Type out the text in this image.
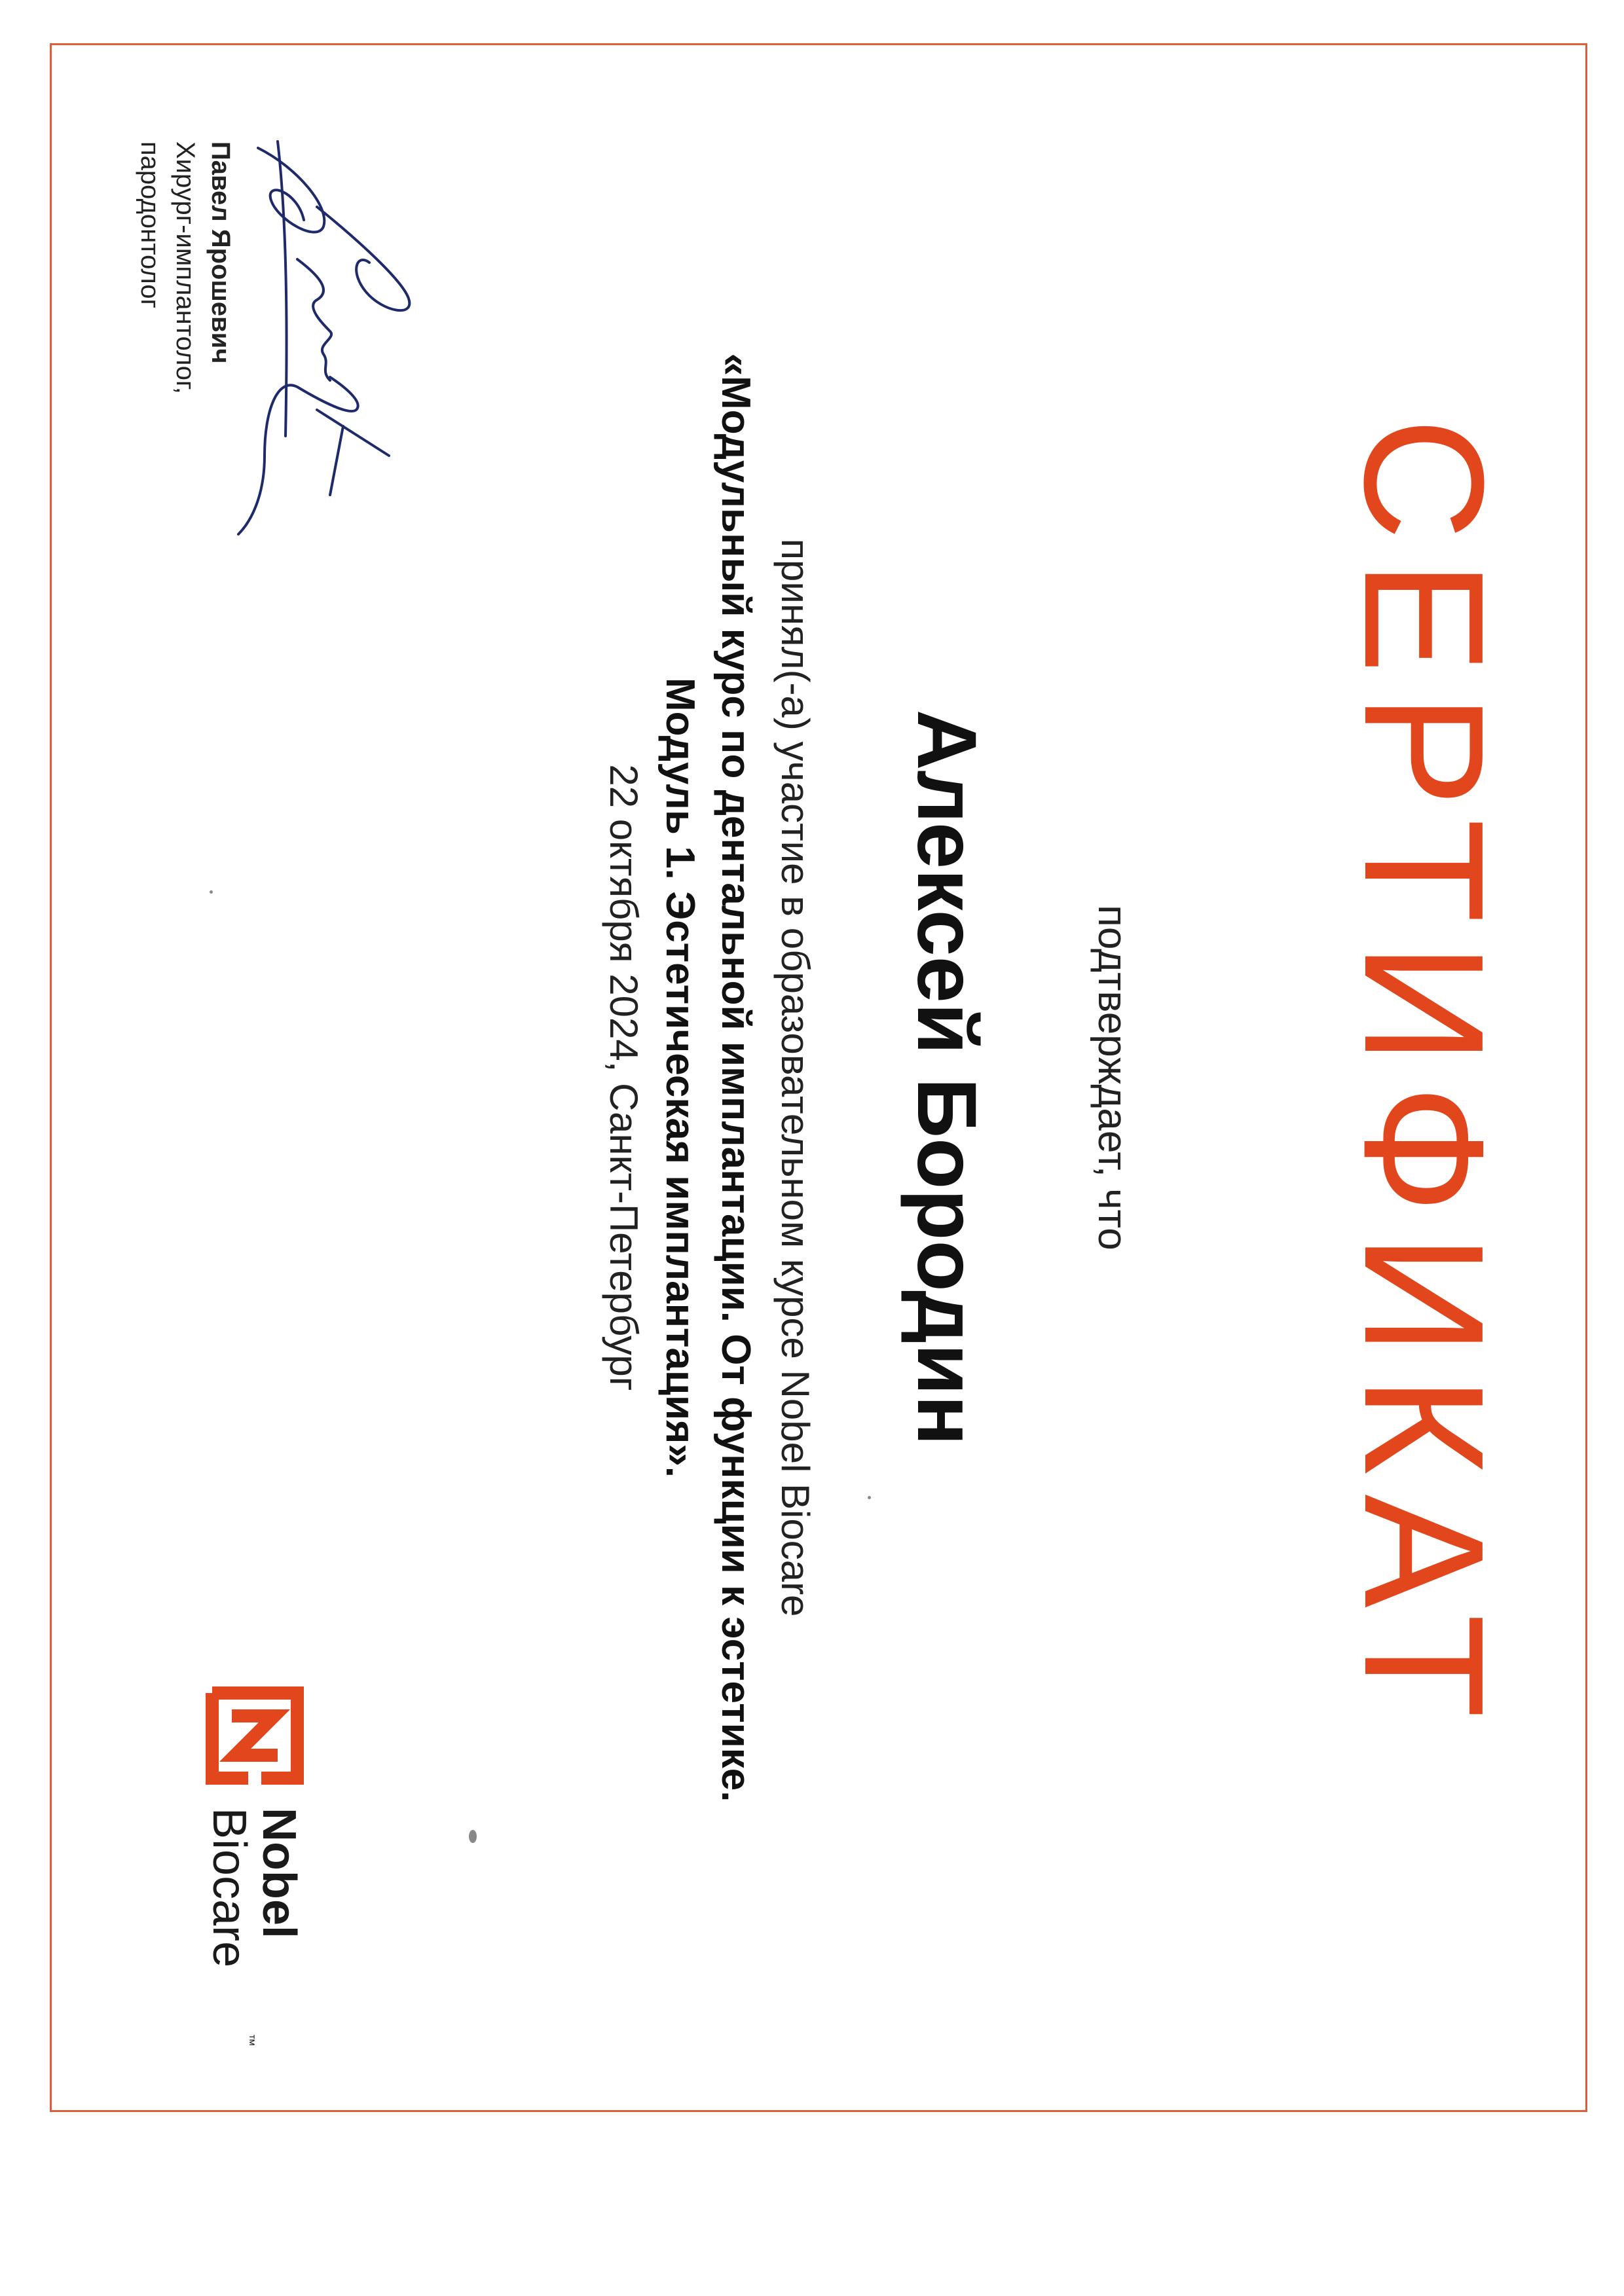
СЕРТИФИКАТ
подтверждает, что
Алексей Бородин
принял(-а) участие в образовательном курсе Nobel Biocare
«Модульный курс по дентальной имплантации. От функции к эстетике.
Модуль 1. Эстетическая имплантация».
22 октября 2024, Санкт-Петербург
Павел Ярошевич
Хирург-имплантолог,
пародонтолог
Nobel
Biocare
™
